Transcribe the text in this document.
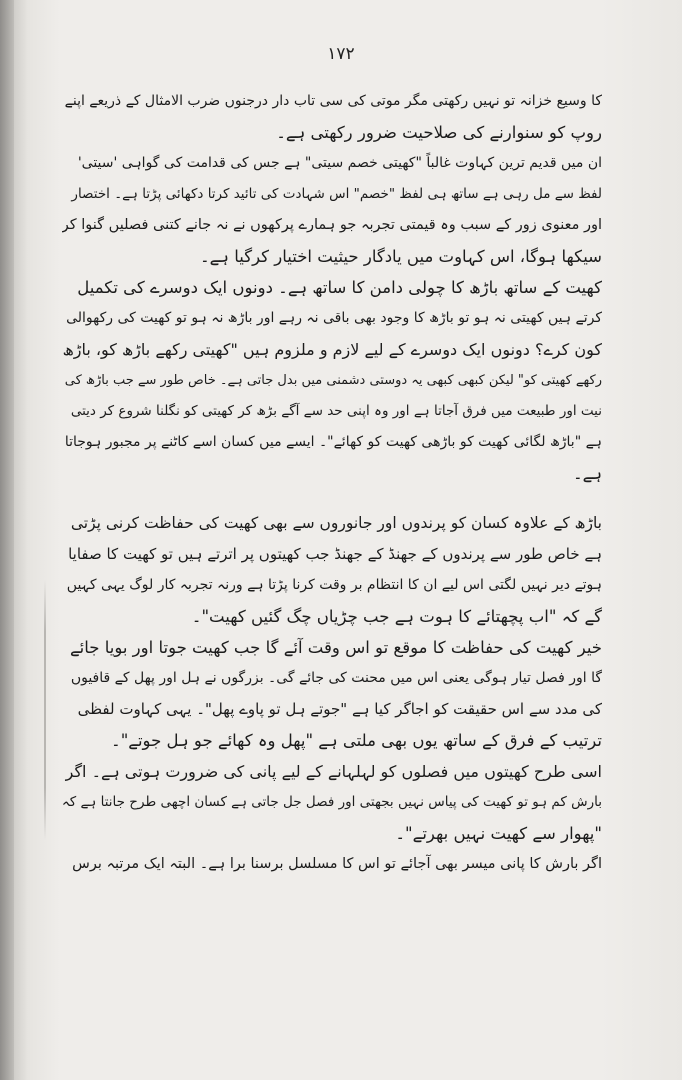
١٧٢
کا وسیع خزانہ تو نہیں رکھتی مگر موتی کی سی تاب دار درجنوں ضرب الامثال کے ذریعے اپنے
روپ کو سنوارنے کی صلاحیت ضرور رکھتی ہے۔
ان میں قدیم ترین کہاوت غالباً "کھیتی خصم سیتی" ہے جس کی قدامت کی گواہی 'سیتی'
لفظ سے مل رہی ہے ساتھ ہی لفظ "خصم" اس شہادت کی تائید کرتا دکھائی پڑتا ہے۔ اختصار
اور معنوی زور کے سبب وہ قیمتی تجربہ جو ہمارے پرکھوں نے نہ جانے کتنی فصلیں گنوا کر
سیکھا ہوگا، اس کہاوت میں یادگار حیثیت اختیار کرگیا ہے۔
کھیت کے ساتھ باڑھ کا چولی دامن کا ساتھ ہے۔ دونوں ایک دوسرے کی تکمیل
کرتے ہیں کھیتی نہ ہو تو باڑھ کا وجود بھی باقی نہ رہے اور باڑھ نہ ہو تو کھیت کی رکھوالی
کون کرے؟ دونوں ایک دوسرے کے لیے لازم و ملزوم ہیں "کھیتی رکھے باڑھ کو، باڑھ
رکھے کھیتی کو" لیکن کبھی کبھی یہ دوستی دشمنی میں بدل جاتی ہے۔ خاص طور سے جب باڑھ کی
نیت اور طبیعت میں فرق آجاتا ہے اور وہ اپنی حد سے آگے بڑھ کر کھیتی کو نگلنا شروع کر دیتی
ہے "باڑھ لگائی کھیت کو باڑھی کھیت کو کھائے"۔ ایسے میں کسان اسے کاٹنے پر مجبور ہوجاتا
ہے۔
باڑھ کے علاوہ کسان کو پرندوں اور جانوروں سے بھی کھیت کی حفاظت کرنی پڑتی
ہے خاص طور سے پرندوں کے جھنڈ کے جھنڈ جب کھیتوں پر اترتے ہیں تو کھیت کا صفایا
ہوتے دیر نہیں لگتی اس لیے ان کا انتظام بر وقت کرنا پڑتا ہے ورنہ تجربہ کار لوگ یہی کہیں
گے کہ "اب پچھتائے کا ہوت ہے جب چڑیاں چگ گئیں کھیت"۔
خیر کھیت کی حفاظت کا موقع تو اس وقت آئے گا جب کھیت جوتا اور بویا جائے
گا اور فصل تیار ہوگی یعنی اس میں محنت کی جائے گی۔ بزرگوں نے ہل اور پھل کے قافیوں
کی مدد سے اس حقیقت کو اجاگر کیا ہے "جوتے ہل تو پاوے پھل"۔ یہی کہاوت لفظی
ترتیب کے فرق کے ساتھ یوں بھی ملتی ہے "پھل وہ کھائے جو ہل جوتے"۔
اسی طرح کھیتوں میں فصلوں کو لہلہانے کے لیے پانی کی ضرورت ہوتی ہے۔ اگر
بارش کم ہو تو کھیت کی پیاس نہیں بجھتی اور فصل جل جاتی ہے کسان اچھی طرح جانتا ہے کہ
"پھوار سے کھیت نہیں بھرتے"۔
اگر بارش کا پانی میسر بھی آجائے تو اس کا مسلسل برسنا برا ہے۔ البتہ ایک مرتبہ برس
